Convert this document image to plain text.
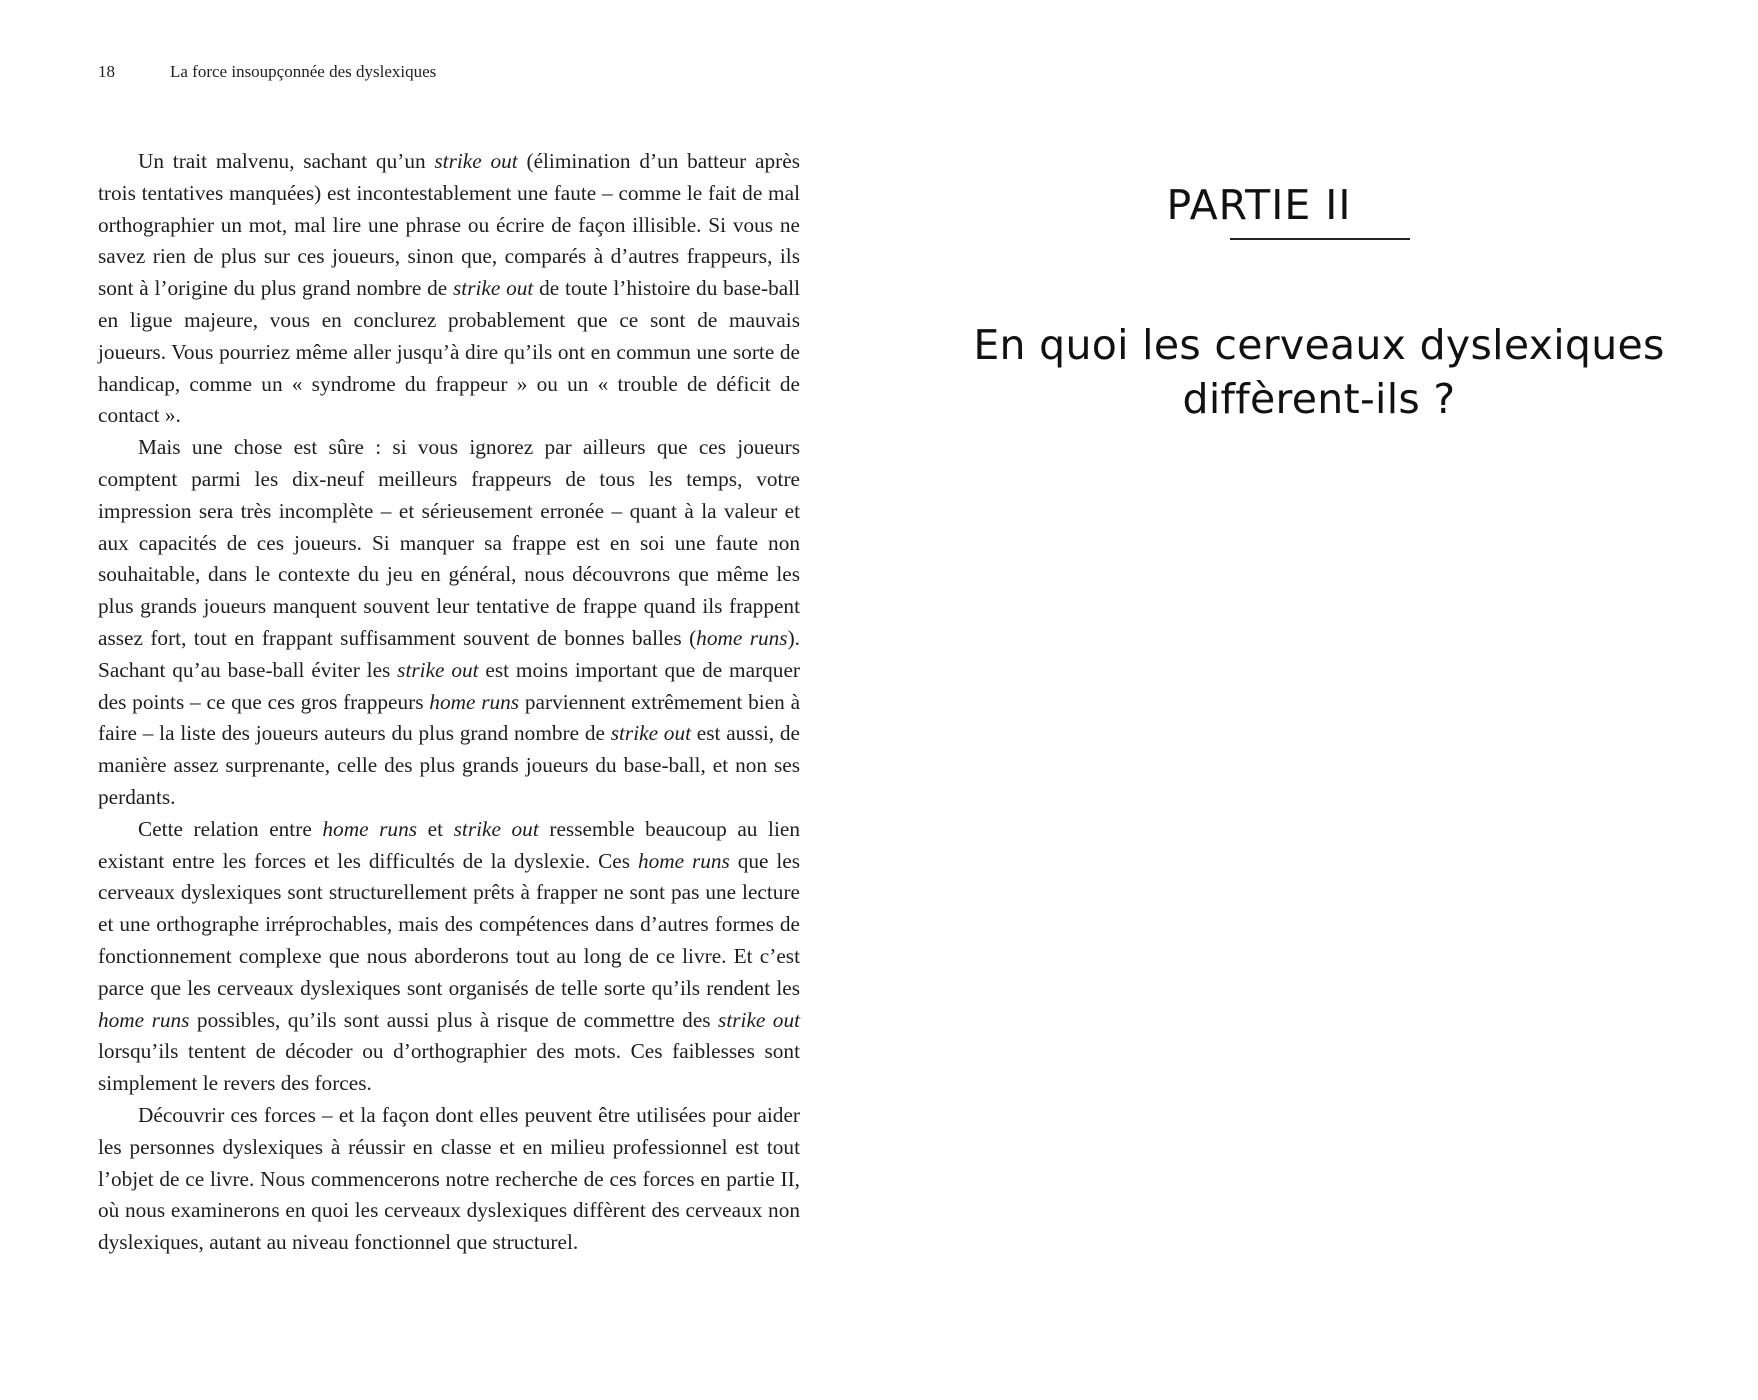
18	La force insoupçonnée des dyslexiques

Un trait malvenu, sachant qu’un strike out (élimination d’un batteur après trois tentatives manquées) est incontestablement une faute – comme le fait de mal orthographier un mot, mal lire une phrase ou écrire de façon illisible. Si vous ne savez rien de plus sur ces joueurs, sinon que, comparés à d’autres frappeurs, ils sont à l’origine du plus grand nombre de strike out de toute l’histoire du base-ball en ligue majeure, vous en conclurez probablement que ce sont de mauvais joueurs. Vous pourriez même aller jusqu’à dire qu’ils ont en commun une sorte de handicap, comme un « syndrome du frappeur » ou un « trouble de déficit de contact ».

Mais une chose est sûre : si vous ignorez par ailleurs que ces joueurs comptent parmi les dix-neuf meilleurs frappeurs de tous les temps, votre impression sera très incomplète – et sérieusement erronée – quant à la valeur et aux capacités de ces joueurs. Si manquer sa frappe est en soi une faute non souhaitable, dans le contexte du jeu en général, nous découvrons que même les plus grands joueurs manquent souvent leur tentative de frappe quand ils frappent assez fort, tout en frappant suffisamment souvent de bonnes balles (home runs). Sachant qu’au base-ball éviter les strike out est moins important que de marquer des points – ce que ces gros frappeurs home runs parviennent extrêmement bien à faire – la liste des joueurs auteurs du plus grand nombre de strike out est aussi, de manière assez surprenante, celle des plus grands joueurs du base-ball, et non ses perdants.

Cette relation entre home runs et strike out ressemble beaucoup au lien existant entre les forces et les difficultés de la dyslexie. Ces home runs que les cerveaux dyslexiques sont structurellement prêts à frapper ne sont pas une lecture et une orthographe irréprochables, mais des compétences dans d’autres formes de fonctionnement complexe que nous aborderons tout au long de ce livre. Et c’est parce que les cerveaux dyslexiques sont organisés de telle sorte qu’ils rendent les home runs possibles, qu’ils sont aussi plus à risque de commettre des strike out lorsqu’ils tentent de décoder ou d’orthographier des mots. Ces faiblesses sont simplement le revers des forces.

Découvrir ces forces – et la façon dont elles peuvent être utilisées pour aider les personnes dyslexiques à réussir en classe et en milieu professionnel est tout l’objet de ce livre. Nous commencerons notre recherche de ces forces en partie II, où nous examinerons en quoi les cerveaux dyslexiques diffèrent des cerveaux non dyslexiques, autant au niveau fonctionnel que structurel.

PARTIE II
En quoi les cerveaux dyslexiques
diffèrent-ils ?
